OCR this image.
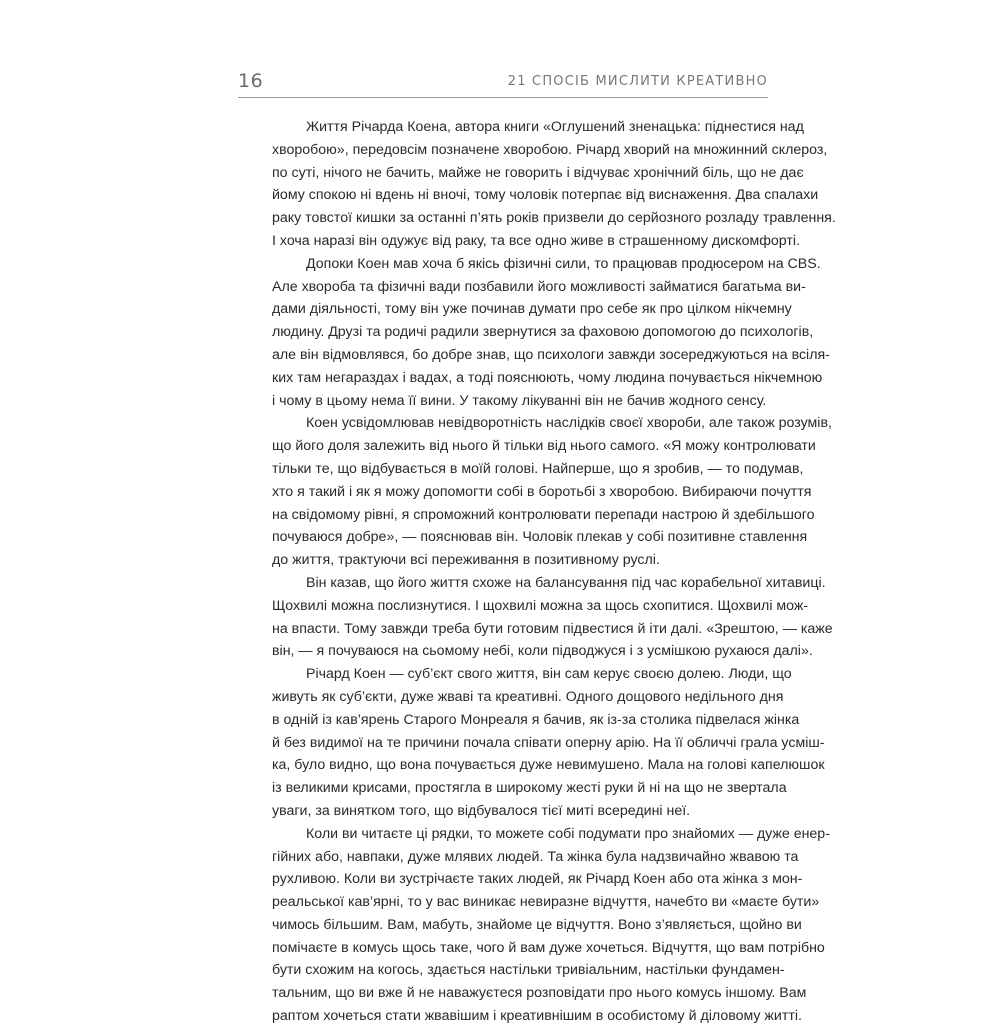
16	21 СПОСІБ МИСЛИТИ КРЕАТИВНО

Життя Річарда Коена, автора книги «Оглушений зненацька: піднестися над
хворобою», передовсім позначене хворобою. Річард хворий на множинний склероз,
по суті, нічого не бачить, майже не говорить і відчуває хронічний біль, що не дає
йому спокою ні вдень ні вночі, тому чоловік потерпає від виснаження. Два спалахи
раку товстої кишки за останні п’ять років призвели до серйозного розладу травлення.
І хоча наразі він одужує від раку, та все одно живе в страшенному дискомфорті.

Допоки Коен мав хоча б якісь фізичні сили, то працював продюсером на CBS.
Але хвороба та фізичні вади позбавили його можливості займатися багатьма ви-
дами діяльності, тому він уже починав думати про себе як про цілком нікчемну
людину. Друзі та родичі радили звернутися за фаховою допомогою до психологів,
але він відмовлявся, бо добре знав, що психологи завжди зосереджуються на всіля-
ких там негараздах і вадах, а тоді пояснюють, чому людина почувається нікчемною
і чому в цьому нема її вини. У такому лікуванні він не бачив жодного сенсу.

Коен усвідомлював невідворотність наслідків своєї хвороби, але також розумів,
що його доля залежить від нього й тільки від нього самого. «Я можу контролювати
тільки те, що відбувається в моїй голові. Найперше, що я зробив, — то подумав,
хто я такий і як я можу допомогти собі в боротьбі з хворобою. Вибираючи почуття
на свідомому рівні, я спроможний контролювати перепади настрою й здебільшого
почуваюся добре», — пояснював він. Чоловік плекав у собі позитивне ставлення
до життя, трактуючи всі переживання в позитивному руслі.

Він казав, що його життя схоже на балансування під час корабельної хитавиці.
Щохвилі можна послизнутися. І щохвилі можна за щось схопитися. Щохвилі мож-
на впасти. Тому завжди треба бути готовим підвестися й іти далі. «Зрештою, — каже
він, — я почуваюся на сьомому небі, коли підводжуся і з усмішкою рухаюся далі».

Річард Коен — суб’єкт свого життя, він сам керує своєю долею. Люди, що
живуть як суб’єкти, дуже жваві та креативні. Одного дощового недільного дня
в одній із кав’ярень Старого Монреаля я бачив, як із-за столика підвелася жінка
й без видимої на те причини почала співати оперну арію. На її обличчі грала усміш-
ка, було видно, що вона почувається дуже невимушено. Мала на голові капелюшок
із великими крисами, простягла в широкому жесті руки й ні на що не звертала
уваги, за винятком того, що відбувалося тієї миті всередині неї.

Коли ви читаєте ці рядки, то можете собі подумати про знайомих — дуже енер-
гійних або, навпаки, дуже млявих людей. Та жінка була надзвичайно жвавою та
рухливою. Коли ви зустрічаєте таких людей, як Річард Коен або ота жінка з мон-
реальської кав’ярні, то у вас виникає невиразне відчуття, начебто ви «маєте бути»
чимось більшим. Вам, мабуть, знайоме це відчуття. Воно з’являється, щойно ви
помічаєте в комусь щось таке, чого й вам дуже хочеться. Відчуття, що вам потрібно
бути схожим на когось, здається настільки тривіальним, настільки фундамен-
тальним, що ви вже й не наважуєтеся розповідати про нього комусь іншому. Вам
раптом хочеться стати жвавішим і креативнішим в особистому й діловому житті.
